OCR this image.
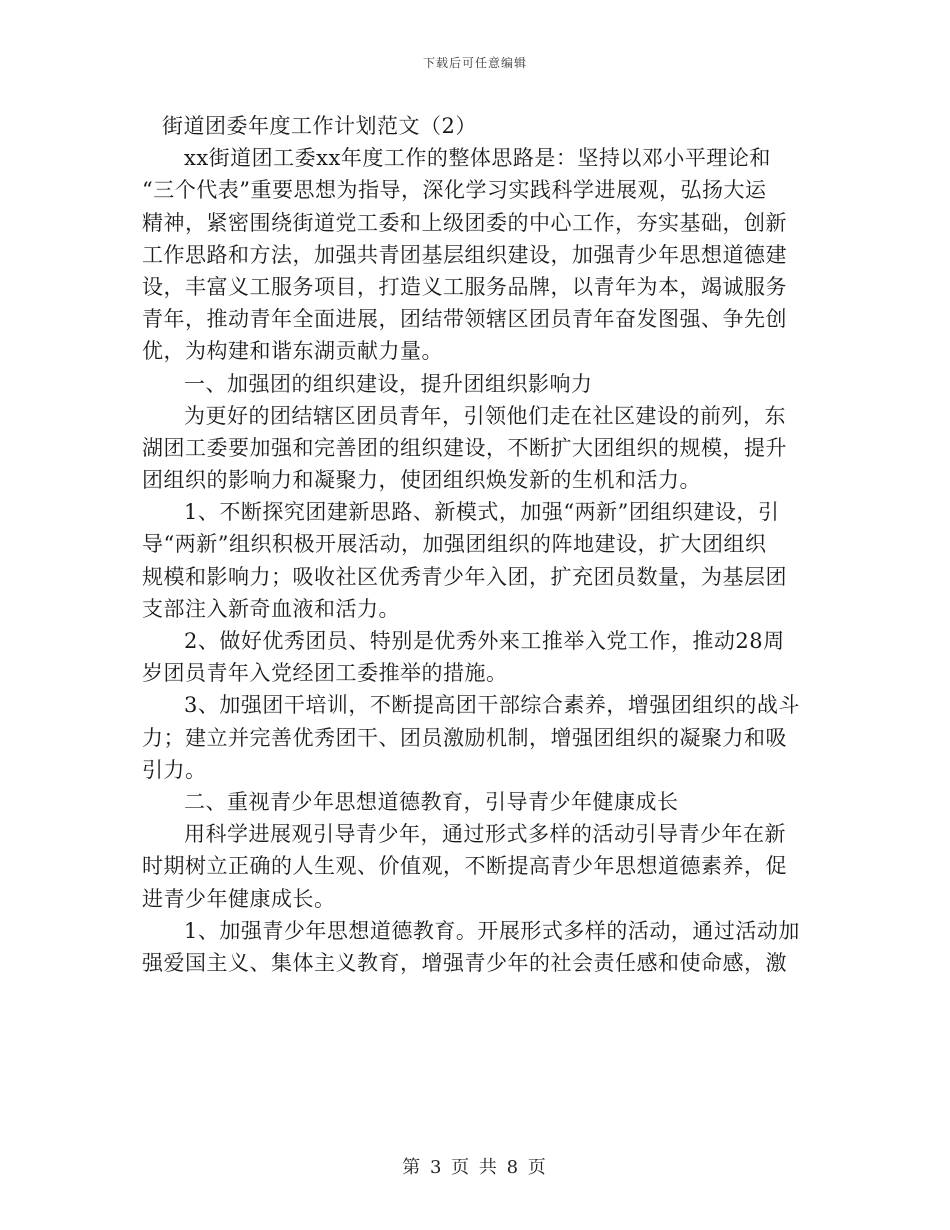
下载后可任意编辑
街道团委年度工作计划范文（2）
xx街道团工委xx年度工作的整体思路是：坚持以邓小平理论和
“三个代表”重要思想为指导，深化学习实践科学进展观，弘扬大运
精神，紧密围绕街道党工委和上级团委的中心工作，夯实基础，创新
工作思路和方法，加强共青团基层组织建设，加强青少年思想道德建
设，丰富义工服务项目，打造义工服务品牌，以青年为本，竭诚服务
青年，推动青年全面进展，团结带领辖区团员青年奋发图强、争先创
优，为构建和谐东湖贡献力量。
一、加强团的组织建设，提升团组织影响力
为更好的团结辖区团员青年，引领他们走在社区建设的前列，东
湖团工委要加强和完善团的组织建设，不断扩大团组织的规模，提升
团组织的影响力和凝聚力，使团组织焕发新的生机和活力。
1、不断探究团建新思路、新模式，加强“两新”团组织建设，引
导“两新”组织积极开展活动，加强团组织的阵地建设，扩大团组织
规模和影响力；吸收社区优秀青少年入团，扩充团员数量，为基层团
支部注入新奇血液和活力。
2、做好优秀团员、特别是优秀外来工推举入党工作，推动28周
岁团员青年入党经团工委推举的措施。
3、加强团干培训，不断提高团干部综合素养，增强团组织的战斗
力；建立并完善优秀团干、团员激励机制，增强团组织的凝聚力和吸
引力。
二、重视青少年思想道德教育，引导青少年健康成长
用科学进展观引导青少年，通过形式多样的活动引导青少年在新
时期树立正确的人生观、价值观，不断提高青少年思想道德素养，促
进青少年健康成长。
1、加强青少年思想道德教育。开展形式多样的活动，通过活动加
强爱国主义、集体主义教育，增强青少年的社会责任感和使命感，激
第 3 页 共 8 页
